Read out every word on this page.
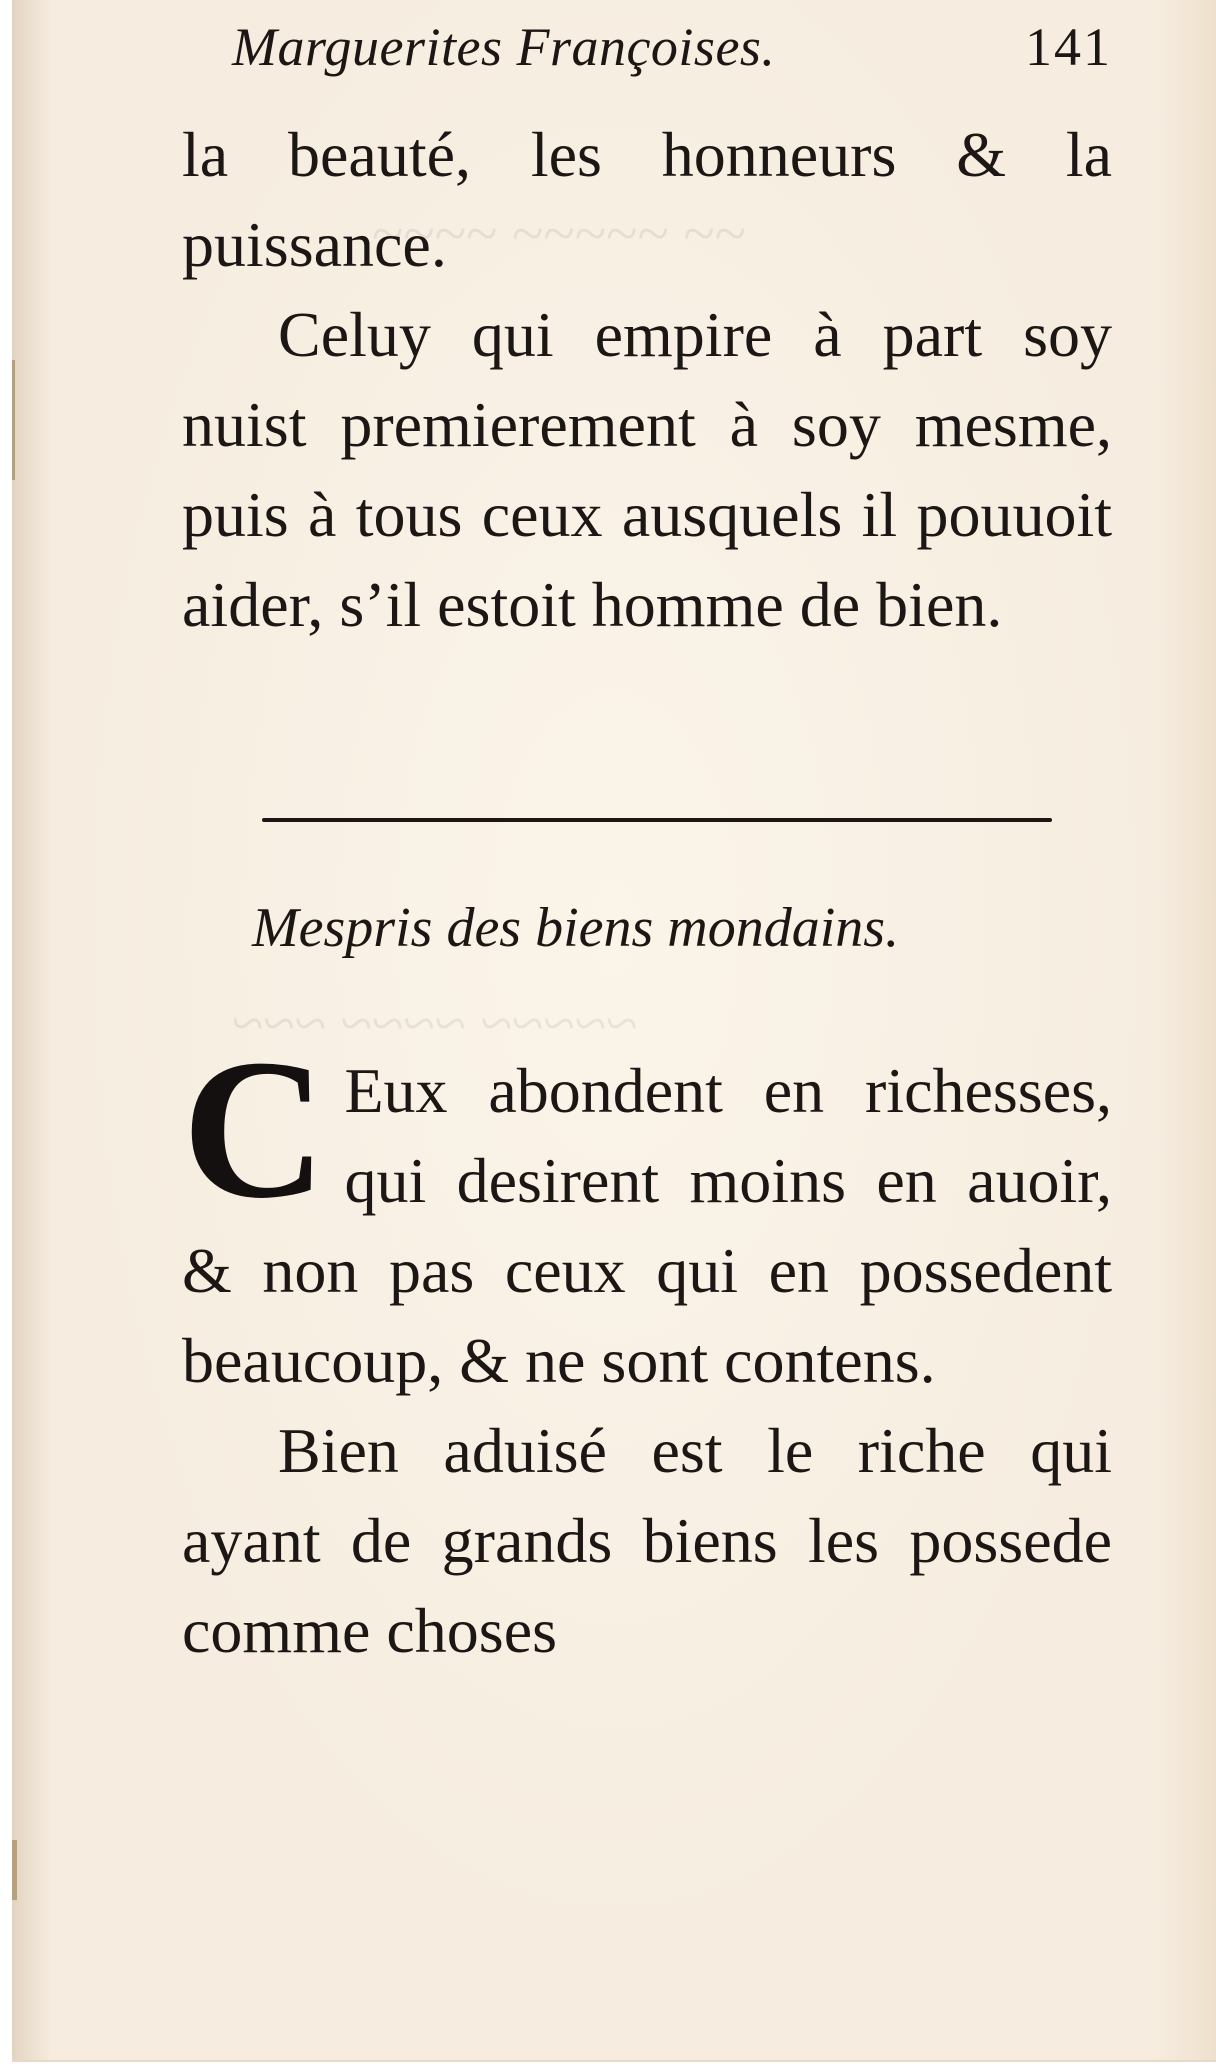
~~~~ ~~~~~ ~~
~~~ ~~~~ ~~~~~
Marguerites Françoises.	141

la beauté, les honneurs & la puissance.

Celuy qui empire à part soy nuist premierement à soy mesme, puis à tous ceux ausquels il pouuoit aider, s’il estoit homme de bien.

Mespris des biens mondains.

C Eux abondent en richesses, qui desirent moins en auoir, & non pas ceux qui en possedent beaucoup, & ne sont contens.

Bien aduisé est le riche qui ayant de grands biens les possede comme choses
